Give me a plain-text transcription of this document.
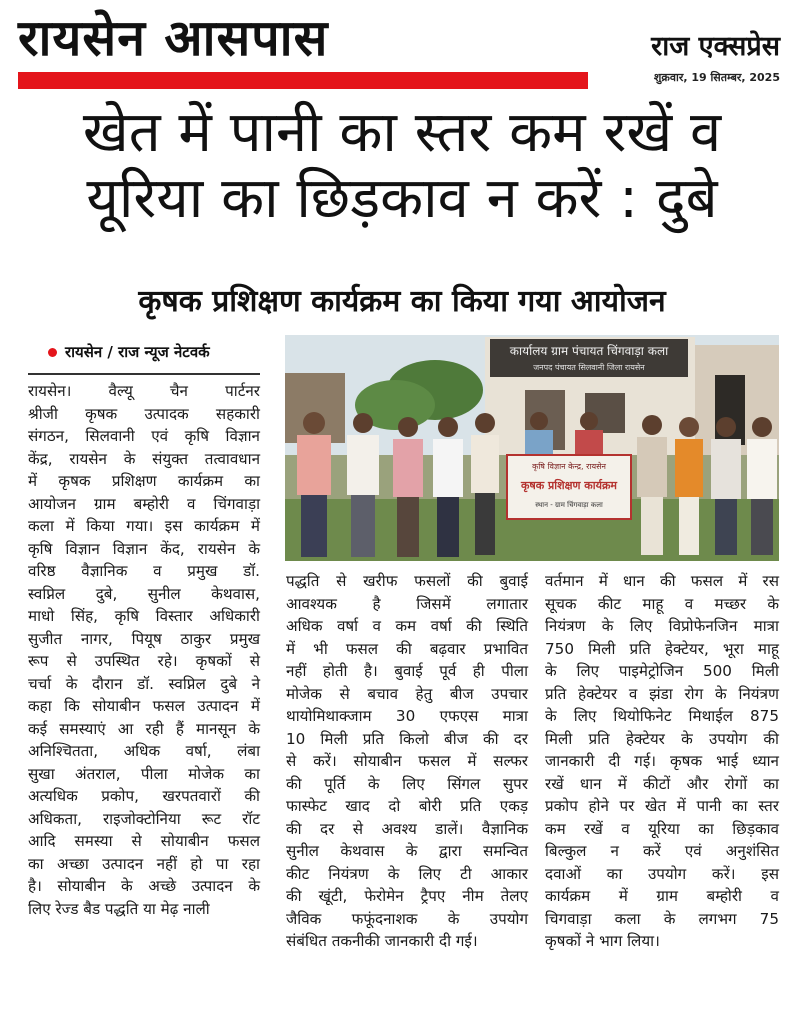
रायसेन आसपास	राज एक्सप्रेस
शुक्रवार, 19 सितम्बर, 2025
खेत में पानी का स्तर कम रखें व
यूरिया का छिड़काव न करें : दुबे
कृषक प्रशिक्षण कार्यक्रम का किया गया आयोजन
रायसेन / राज न्यूज नेटवर्क	कार्यालय ग्राम पंचायत चिंगवाड़ा कला
जनपद पंचायत सिलवानी जिला रायसेन
कृषि विज्ञान केन्द्र, रायसेन
कृषक प्रशिक्षण कार्यक्रम
स्थान - ग्राम चिंगवाड़ा कला

रायसेन। वैल्यू चैन पार्टनर

श्रीजी कृषक उत्पादक सहकारी

संगठन, सिलवानी एवं कृषि विज्ञान

केंद्र, रायसेन के संयुक्त तत्वावधान

में कृषक प्रशिक्षण कार्यक्रम का

आयोजन ग्राम बम्होरी व चिंगवाड़ा

कला में किया गया। इस कार्यक्रम में

कृषि विज्ञान विज्ञान केंद, रायसेन के

वरिष्ठ वैज्ञानिक व प्रमुख डॉ.

स्वप्निल दुबे, सुनील केथवास,

माधो सिंह, कृषि विस्तार अधिकारी

सुजीत नागर, पियूष ठाकुर प्रमुख

रूप से उपस्थित रहे। कृषकों से

चर्चा के दौरान डॉ. स्वप्निल दुबे ने

कहा कि सोयाबीन फसल उत्पादन में

कई समस्याएं आ रही हैं मानसून के

अनिश्चितता, अधिक वर्षा, लंबा

सुखा अंतराल, पीला मोजेक का

अत्यधिक प्रकोप, खरपतवारों की

अधिकता, राइजोक्टोनिया रूट रॉट

आदि समस्या से सोयाबीन फसल

का अच्छा उत्पादन नहीं हो पा रहा

है। सोयाबीन के अच्छे उत्पादन के

लिए रेज्ड बैड पद्धति या मेढ़ नाली

पद्धति से खरीफ फसलों की बुवाई

आवश्यक है जिसमें लगातार

अधिक वर्षा व कम वर्षा की स्थिति

में भी फसल की बढ़वार प्रभावित

नहीं होती है। बुवाई पूर्व ही पीला

मोजेक से बचाव हेतु बीज उपचार

थायोमिथाक्जाम 30 एफएस मात्रा

10 मिली प्रति किलो बीज की दर

से करें। सोयाबीन फसल में सल्फर

की पूर्ति के लिए सिंगल सुपर

फास्फेट खाद दो बोरी प्रति एकड़

की दर से अवश्य डालें। वैज्ञानिक

सुनील केथवास के द्वारा समन्वित

कीट नियंत्रण के लिए टी आकार

की खूंटी, फेरोमेन ट्रैपए नीम तेलए

जैविक फफूंदनाशक के उपयोग

संबंधित तकनीकी जानकारी दी गई।

वर्तमान में धान की फसल में रस

सूचक कीट माहू व मच्छर के

नियंत्रण के लिए विप्रोफेनजिन मात्रा

750 मिली प्रति हेक्टेयर, भूरा माहू

के लिए पाइमेट्रोजिन 500 मिली

प्रति हेक्टेयर व झंडा रोग के नियंत्रण

के लिए थियोफिनेट मिथाईल 875

मिली प्रति हेक्टेयर के उपयोग की

जानकारी दी गई। कृषक भाई ध्यान

रखें धान में कीटों और रोगों का

प्रकोप होने पर खेत में पानी का स्तर

कम रखें व यूरिया का छिड़काव

बिल्कुल न करें एवं अनुशंसित

दवाओं का उपयोग करें। इस

कार्यक्रम में ग्राम बम्होरी व

चिगवाड़ा कला के लगभग 75

कृषकों ने भाग लिया।
